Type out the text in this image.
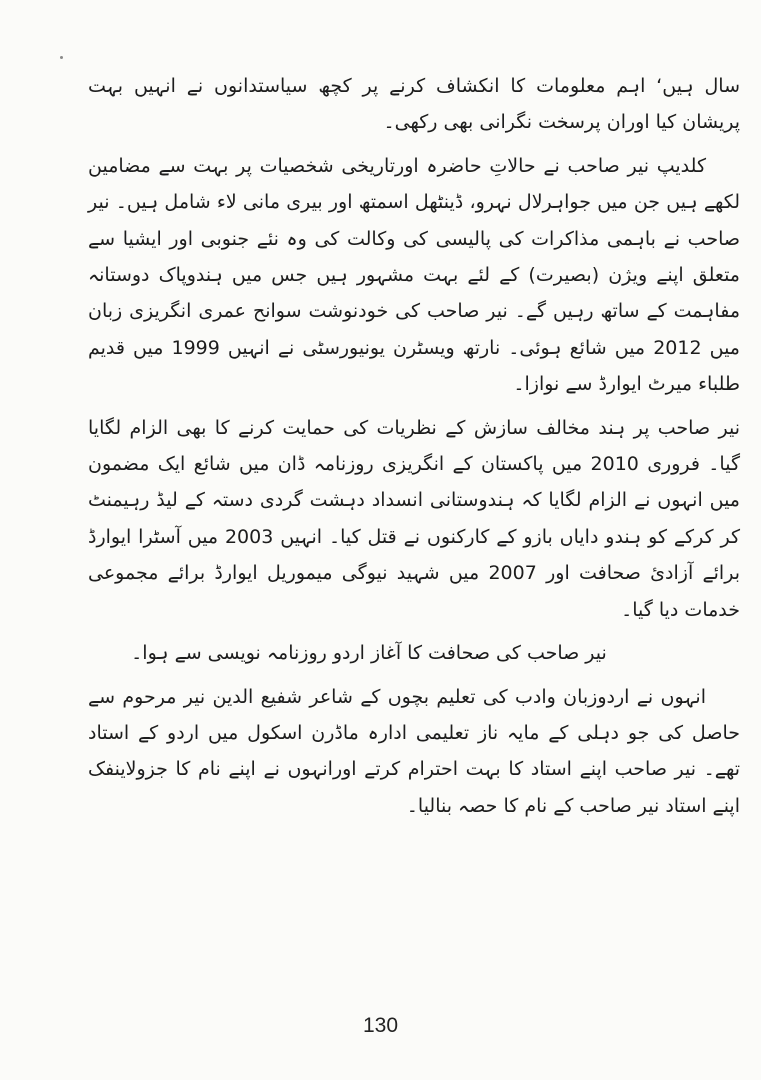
سال ہیں‘ اہم معلومات کا انکشاف کرنے پر کچھ سیاستدانوں نے انہیں بہت پریشان کیا اوران پرسخت نگرانی بھی رکھی۔

کلدیپ نیر صاحب نے حالاتِ حاضرہ اورتاریخی شخصیات پر بہت سے مضامین لکھے ہیں جن میں جواہرلال نہرو، ڈینٹھل اسمتھ اور بیری مانی لاء شامل ہیں۔ نیر صاحب نے باہمی مذاکرات کی پالیسی کی وکالت کی وہ نئے جنوبی اور ایشیا سے متعلق اپنے ویژن (بصیرت) کے لئے بہت مشہور ہیں جس میں ہندوپاک دوستانہ مفاہمت کے ساتھ رہیں گے۔ نیر صاحب کی خودنوشت سوانح عمری انگریزی زبان میں 2012 میں شائع ہوئی۔ نارتھ ویسٹرن یونیورسٹی نے انہیں 1999 میں قدیم طلباء میرٹ ایوارڈ سے نوازا۔

نیر صاحب پر ہند مخالف سازش کے نظریات کی حمایت کرنے کا بھی الزام لگایا گیا۔ فروری 2010 میں پاکستان کے انگریزی روزنامہ ڈان میں شائع ایک مضمون میں انہوں نے الزام لگایا کہ ہندوستانی انسداد دہشت گردی دستہ کے لیڈ رہیمنٹ کر کرکے کو ہندو دایاں بازو کے کارکنوں نے قتل کیا۔ انہیں 2003 میں آسٹرا ایوارڈ برائے آزادیٔ صحافت اور 2007 میں شہید نیوگی میموریل ایوارڈ برائے مجموعی خدمات دیا گیا۔

نیر صاحب کی صحافت کا آغاز اردو روزنامہ نویسی سے ہوا۔

انہوں نے اردوزبان وادب کی تعلیم بچوں کے شاعر شفیع الدین نیر مرحوم سے حاصل کی جو دہلی کے مایہ ناز تعلیمی ادارہ ماڈرن اسکول میں اردو کے استاد تھے۔ نیر صاحب اپنے استاد کا بہت احترام کرتے اورانہوں نے اپنے نام کا جزولاینفک اپنے استاد نیر صاحب کے نام کا حصہ بنالیا۔

130
